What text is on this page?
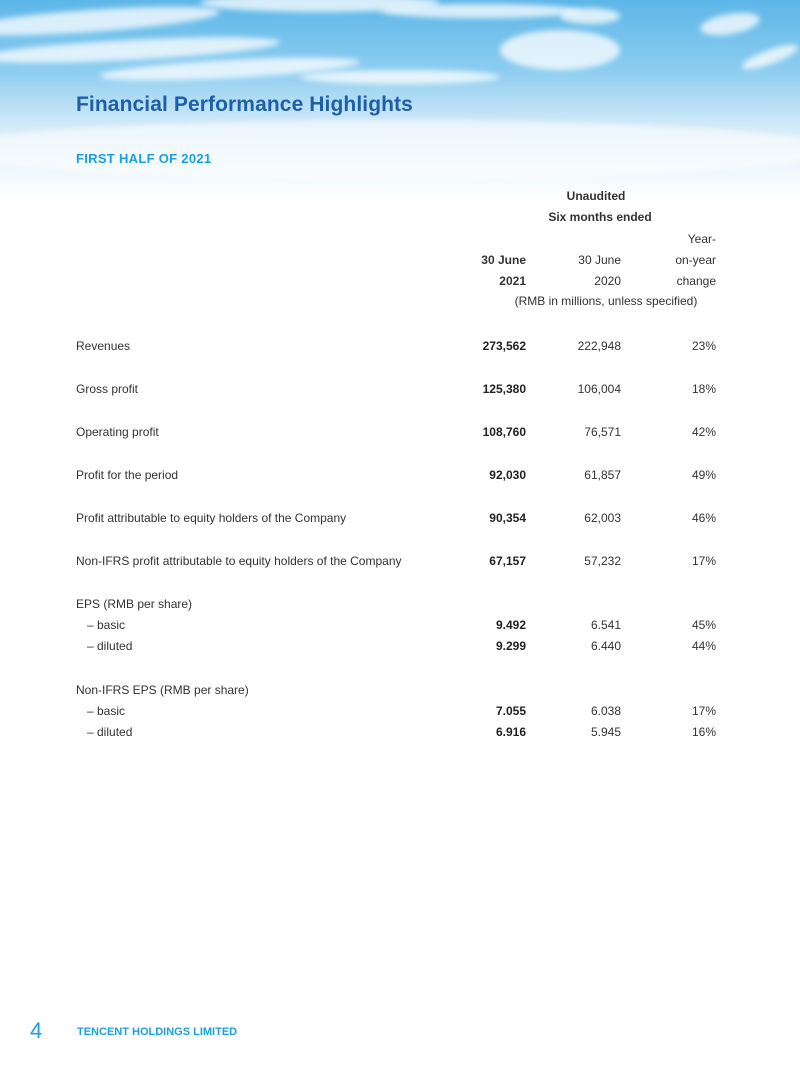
Financial Performance Highlights
FIRST HALF OF 2021
Unaudited
Six months ended
Year-
30 June	30 June	on-year
2021	2020	change
(RMB in millions, unless specified)
Revenues	273,562	222,948	23%
Gross profit	125,380	106,004	18%
Operating profit	108,760	76,571	42%
Profit for the period	92,030	61,857	49%
Profit attributable to equity holders of the Company	90,354	62,003	46%
Non-IFRS profit attributable to equity holders of the Company	67,157	57,232	17%
EPS (RMB per share)
– basic	9.492	6.541	45%
– diluted	9.299	6.440	44%
Non-IFRS EPS (RMB per share)
– basic	7.055	6.038	17%
– diluted	6.916	5.945	16%
4	TENCENT HOLDINGS LIMITED
